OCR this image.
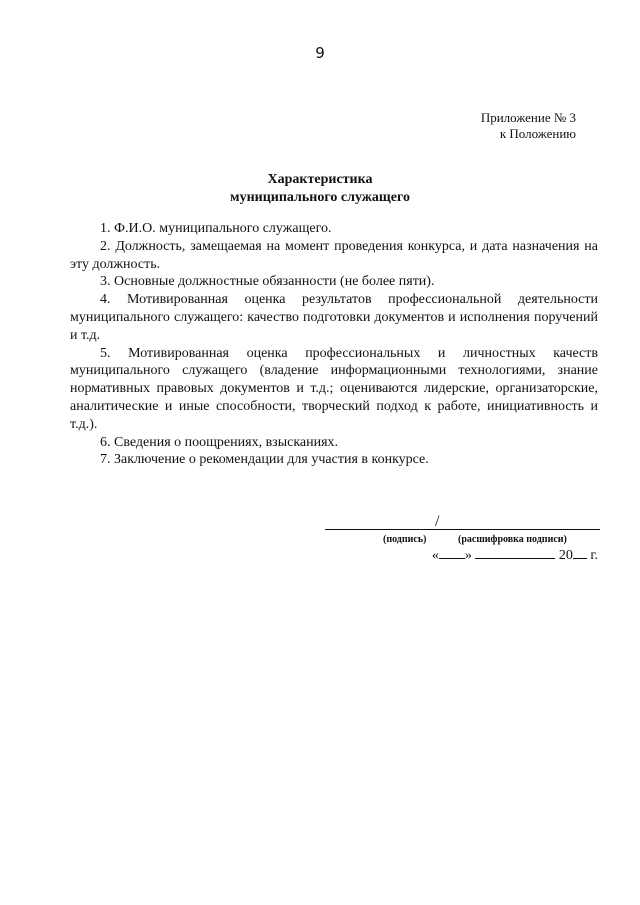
9
Приложение № 3
к Положению
Характеристика
муниципального служащего

1. Ф.И.О. муниципального служащего.

2. Должность, замещаемая на момент проведения конкурса, и дата назначения на эту должность.

3. Основные должностные обязанности (не более пяти).

4. Мотивированная оценка результатов профессиональной деятельности муниципального служащего: качество подготовки документов и исполнения поручений и т.д.

5. Мотивированная оценка профессиональных и личностных качеств муниципального служащего (владение информационными технологиями, знание нормативных правовых документов и т.д.; оцениваются лидерские, организаторские, аналитические и иные способности, творческий подход к работе, инициативность и т.д.).

6. Сведения о поощрениях, взысканиях.

7. Заключение о рекомендации для участия в конкурсе.

/
(подпись)	(расшифровка подписи)
« »	20 г.
